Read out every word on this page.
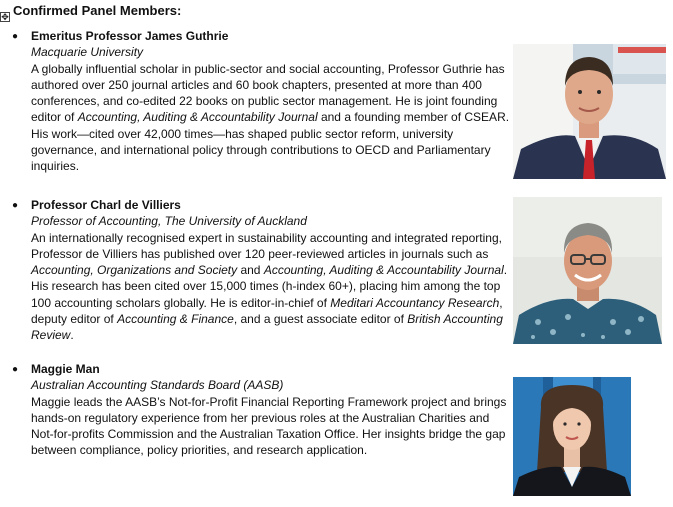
✥ Confirmed Panel Members:
● Emeritus Professor James Guthrie
Macquarie University
A globally influential scholar in public-sector and social accounting, Professor Guthrie has authored over 250 journal articles and 60 book chapters, presented at more than 400 conferences, and co-edited 22 books on public sector management. He is joint founding editor of Accounting, Auditing & Accountability Journal and a founding member of CSEAR. His work—cited over 42,000 times—has shaped public sector reform, university governance, and international policy through contributions to OECD and Parliamentary inquiries.
● Professor Charl de Villiers
Professor of Accounting, The University of Auckland
An internationally recognised expert in sustainability accounting and integrated reporting, Professor de Villiers has published over 120 peer-reviewed articles in journals such as Accounting, Organizations and Society and Accounting, Auditing & Accountability Journal. His research has been cited over 15,000 times (h-index 60+), placing him among the top 100 accounting scholars globally. He is editor-in-chief of Meditari Accountancy Research, deputy editor of Accounting & Finance, and a guest associate editor of British Accounting Review.
● Maggie Man
Australian Accounting Standards Board (AASB)
Maggie leads the AASB’s Not-for-Profit Financial Reporting Framework project and brings hands-on regulatory experience from her previous roles at the Australian Charities and Not-for-profits Commission and the Australian Taxation Office. Her insights bridge the gap between compliance, policy priorities, and research application.
